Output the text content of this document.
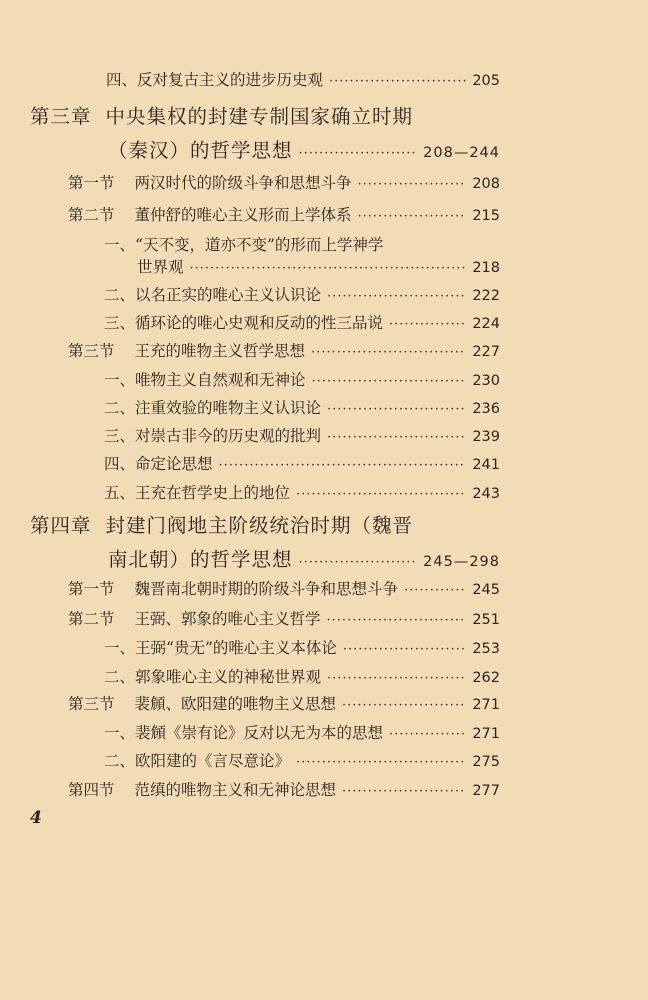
四、 反对复古主义的进步历史观 ·····	205
第三章 中央集权的封建专制国家确立时期
（秦汉）的哲学思想 ·····	208—244
第一节 两汉时代的阶级斗争和思想斗争 ·····	208
第二节 董仲舒的唯心主义形而上学体系 ·····	215
一、 “天不变，道亦不变”的形而上学神学
世界观 ·····	218
二、 以名正实的唯心主义认识论 ·····	222
三、 循环论的唯心史观和反动的性三品说 ·····	224
第三节 王充的唯物主义哲学思想 ·····	227
一、 唯物主义自然观和无神论 ·····	230
二、 注重效验的唯物主义认识论 ·····	236
三、 对崇古非今的历史观的批判 ·····	239
四、 命定论思想 ·····	241
五、 王充在哲学史上的地位 ·····	243
第四章 封建门阀地主阶级统治时期（魏晋
南北朝）的哲学思想 ·····	245—298
第一节 魏晋南北朝时期的阶级斗争和思想斗争 ·····	245
第二节 王弼、郭象的唯心主义哲学 ·····	251
一、 王弼“贵无”的唯心主义本体论 ·····	253
二、 郭象唯心主义的神秘世界观 ·····	262
第三节 裴頠、欧阳建的唯物主义思想 ·····	271
一、 裴頠《崇有论》反对以无为本的思想 ·····	271
二、 欧阳建的《言尽意论》 ·····	275
第四节 范缜的唯物主义和无神论思想 ·····	277
4
